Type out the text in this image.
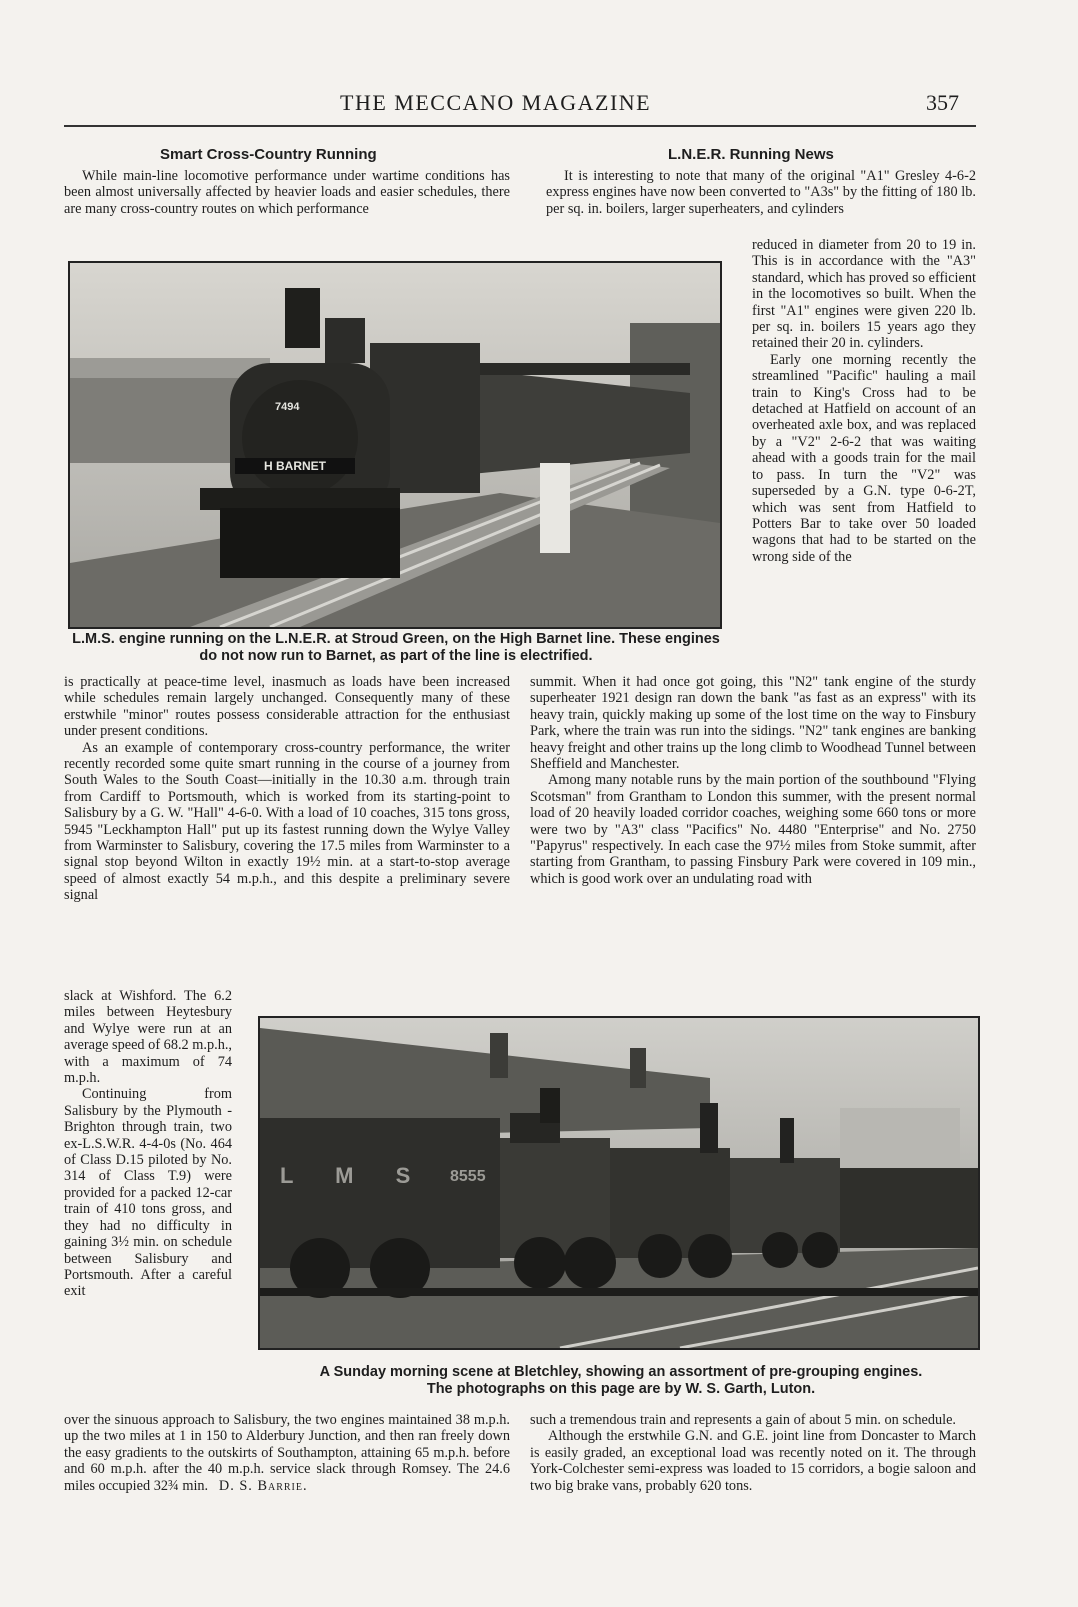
THE MECCANO MAGAZINE	357
Smart Cross-Country Running

While main-line locomotive performance under wartime conditions has been almost universally affected by heavier loads and easier schedules, there are many cross-country routes on which performance

L.N.E.R. Running News

It is interesting to note that many of the original "A1" Gresley 4-6-2 express engines have now been converted to "A3s" by the fitting of 180 lb. per sq. in. boilers, larger superheaters, and cylinders

reduced in diameter from 20 to 19 in. This is in accordance with the "A3" standard, which has proved so efficient in the locomotives so built. When the first "A1" engines were given 220 lb. per sq. in. boilers 15 years ago they retained their 20 in. cylinders.

Early one morning recently the streamlined "Pacific" hauling a mail train to King's Cross had to be detached at Hatfield on account of an overheated axle box, and was replaced by a "V2" 2-6-2 that was waiting ahead with a goods train for the mail to pass. In turn the "V2" was superseded by a G.N. type 0-6-2T, which was sent from Hatfield to Potters Bar to take over 50 loaded wagons that had to be started on the wrong side of the

7494
H BARNET
L.M.S. engine running on the L.N.E.R. at Stroud Green, on the High Barnet line. These engines do not now run to Barnet, as part of the line is electrified.

is practically at peace-time level, inasmuch as loads have been increased while schedules remain largely unchanged. Consequently many of these erstwhile "minor" routes possess considerable attraction for the enthusiast under present conditions.

As an example of contemporary cross-country performance, the writer recently recorded some quite smart running in the course of a journey from South Wales to the South Coast—initially in the 10.30 a.m. through train from Cardiff to Portsmouth, which is worked from its starting-point to Salisbury by a G. W. "Hall" 4-6-0. With a load of 10 coaches, 315 tons gross, 5945 "Leckhampton Hall" put up its fastest running down the Wylye Valley from Warminster to Salisbury, covering the 17.5 miles from Warminster to a signal stop beyond Wilton in exactly 19½ min. at a start-to-stop average speed of almost exactly 54 m.p.h., and this despite a preliminary severe signal

summit. When it had once got going, this "N2" tank engine of the sturdy superheater 1921 design ran down the bank "as fast as an express" with its heavy train, quickly making up some of the lost time on the way to Finsbury Park, where the train was run into the sidings. "N2" tank engines are banking heavy freight and other trains up the long climb to Woodhead Tunnel between Sheffield and Manchester.

Among many notable runs by the main portion of the southbound "Flying Scotsman" from Grantham to London this summer, with the present normal load of 20 heavily loaded corridor coaches, weighing some 660 tons or more were two by "A3" class "Pacifics" No. 4480 "Enterprise" and No. 2750 "Papyrus" respectively. In each case the 97½ miles from Stoke summit, after starting from Grantham, to passing Finsbury Park were covered in 109 min., which is good work over an undulating road with

slack at Wishford. The 6.2 miles between Heytesbury and Wylye were run at an average speed of 68.2 m.p.h., with a maximum of 74 m.p.h.

Continuing from Salisbury by the Plymouth - Brighton through train, two ex-L.S.W.R. 4-4-0s (No. 464 of Class D.15 piloted by No. 314 of Class T.9) were provided for a packed 12-car train of 410 tons gross, and they had no difficulty in gaining 3½ min. on schedule between Salisbury and Portsmouth. After a careful exit

L M S 8555
A Sunday morning scene at Bletchley, showing an assortment of pre-grouping engines.
The photographs on this page are by W. S. Garth, Luton.

over the sinuous approach to Salisbury, the two engines maintained 38 m.p.h. up the two miles at 1 in 150 to Alderbury Junction, and then ran freely down the easy gradients to the outskirts of Southampton, attaining 65 m.p.h. before and 60 m.p.h. after the 40 m.p.h. service slack through Romsey. The 24.6 miles occupied 32¾ min. D. S. Barrie.

such a tremendous train and represents a gain of about 5 min. on schedule.

Although the erstwhile G.N. and G.E. joint line from Doncaster to March is easily graded, an exceptional load was recently noted on it. The through York-Colchester semi-express was loaded to 15 corridors, a bogie saloon and two big brake vans, probably 620 tons.
